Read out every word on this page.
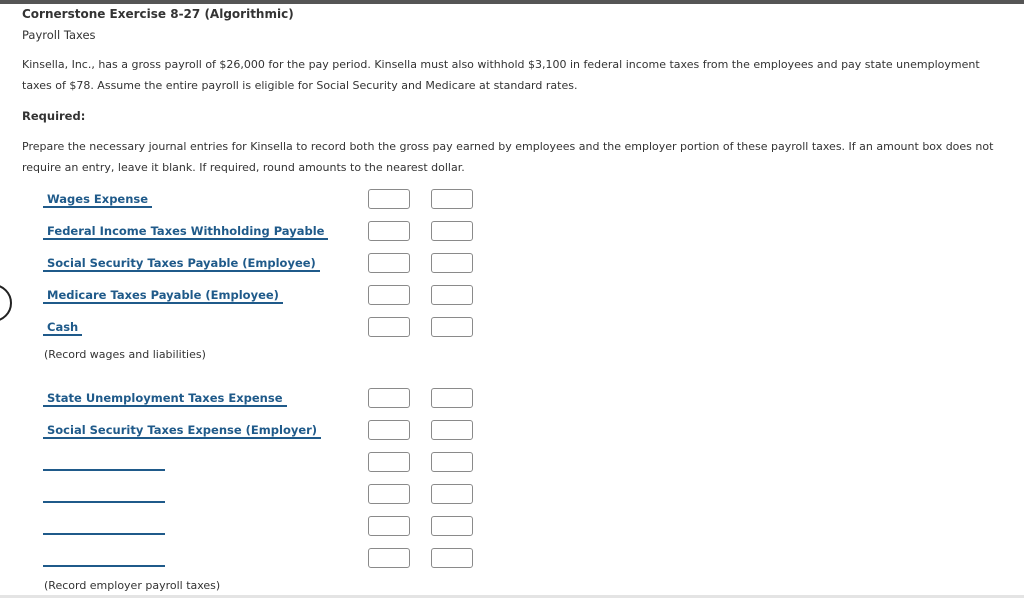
Cornerstone Exercise 8-27 (Algorithmic)
Payroll Taxes
Kinsella, Inc., has a gross payroll of $26,000 for the pay period. Kinsella must also withhold $3,100 in federal income taxes from the employees and pay state unemployment taxes of $78. Assume the entire payroll is eligible for Social Security and Medicare at standard rates.
Required:
Prepare the necessary journal entries for Kinsella to record both the gross pay earned by employees and the employer portion of these payroll taxes. If an amount box does not require an entry, leave it blank. If required, round amounts to the nearest dollar.
Wages Expense
Federal Income Taxes Withholding Payable
Social Security Taxes Payable (Employee)
Medicare Taxes Payable (Employee)
Cash
(Record wages and liabilities)
State Unemployment Taxes Expense
Social Security Taxes Expense (Employer)
(Record employer payroll taxes)
